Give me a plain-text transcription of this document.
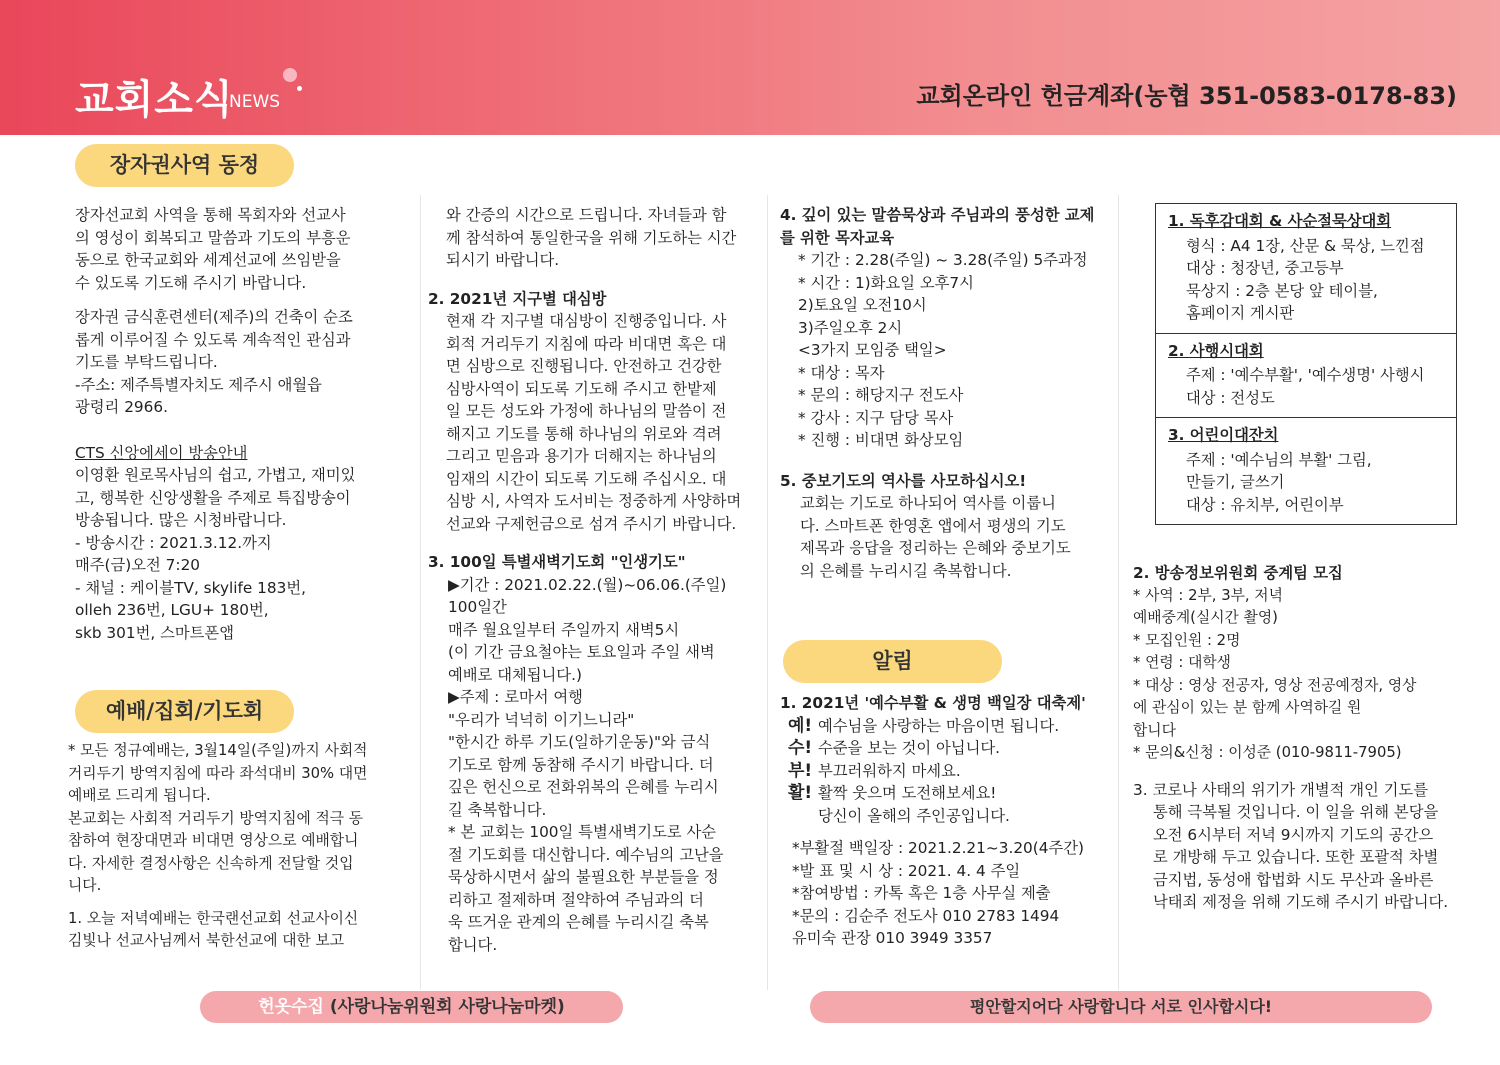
교회소식
NEWS	교회온라인 헌금계좌(농협 351-0583-0178-83)
장자권사역 동정

장자선교회 사역을 통해 목회자와 선교사
의 영성이 회복되고 말씀과 기도의 부흥운
동으로 한국교회와 세계선교에 쓰임받을
수 있도록 기도해 주시기 바랍니다.

장자권 금식훈련센터(제주)의 건축이 순조
롭게 이루어질 수 있도록 계속적인 관심과
기도를 부탁드립니다.
-주소: 제주특별자치도 제주시 애월읍
광령리 2966.

CTS 신앙에세이 방송안내

이영환 원로목사님의 쉽고, 가볍고, 재미있
고, 행복한 신앙생활을 주제로 특집방송이
방송됩니다. 많은 시청바랍니다.
- 방송시간 : 2021.3.12.까지
매주(금)오전 7:20
- 채널 : 케이블TV, skylife 183번,
olleh 236번, LGU+ 180번,
skb 301번, 스마트폰앱

예배/집회/기도회

* 모든 정규예배는, 3월14일(주일)까지 사회적
거리두기 방역지침에 따라 좌석대비 30% 대면
예배로 드리게 됩니다.
본교회는 사회적 거리두기 방역지침에 적극 동
참하여 현장대면과 비대면 영상으로 예배합니
다. 자세한 결정사항은 신속하게 전달할 것입
니다.

1. 오늘 저녁예배는 한국랜선교회 선교사이신
김빛나 선교사님께서 북한선교에 대한 보고

와 간증의 시간으로 드립니다. 자녀들과 함
께 참석하여 통일한국을 위해 기도하는 시간
되시기 바랍니다.

2. 2021년 지구별 대심방

현재 각 지구별 대심방이 진행중입니다. 사
회적 거리두기 지침에 따라 비대면 혹은 대
면 심방으로 진행됩니다. 안전하고 건강한
심방사역이 되도록 기도해 주시고 한밭제
일 모든 성도와 가정에 하나님의 말씀이 전
해지고 기도를 통해 하나님의 위로와 격려
그리고 믿음과 용기가 더해지는 하나님의
임재의 시간이 되도록 기도해 주십시오. 대
심방 시, 사역자 도서비는 정중하게 사양하며
선교와 구제헌금으로 섬겨 주시기 바랍니다.

3. 100일 특별새벽기도회 "인생기도"

▶기간 : 2021.02.22.(월)~06.06.(주일)
100일간
매주 월요일부터 주일까지 새벽5시
(이 기간 금요철야는 토요일과 주일 새벽
예배로 대체됩니다.)
▶주제 : 로마서 여행
"우리가 넉넉히 이기느니라"
"한시간 하루 기도(일하기운동)"와 금식
기도로 함께 동참해 주시기 바랍니다. 더
깊은 헌신으로 전화위복의 은혜를 누리시
길 축복합니다.
* 본 교회는 100일 특별새벽기도로 사순
절 기도회를 대신합니다. 예수님의 고난을
묵상하시면서 삶의 불필요한 부분들을 정
리하고 절제하며 절약하여 주님과의 더
욱 뜨거운 관계의 은혜를 누리시길 축복
합니다.

4. 깊이 있는 말씀묵상과 주님과의 풍성한 교제
를 위한 목자교육

* 기간 : 2.28(주일) ~ 3.28(주일) 5주과정
* 시간 : 1)화요일 오후7시
2)토요일 오전10시
3)주일오후 2시
<3가지 모임중 택일>
* 대상 : 목자
* 문의 : 해당지구 전도사
* 강사 : 지구 담당 목사
* 진행 : 비대면 화상모임

5. 중보기도의 역사를 사모하십시오!

교회는 기도로 하나되어 역사를 이룹니
다. 스마트폰 한영혼 앱에서 평생의 기도
제목과 응답을 정리하는 은혜와 중보기도
의 은혜를 누리시길 축복합니다.

알림

1. 2021년 '예수부활 & 생명 백일장 대축제'

예! 예수님을 사랑하는 마음이면 됩니다.
수! 수준을 보는 것이 아닙니다.
부! 부끄러워하지 마세요.
활! 활짝 웃으며 도전해보세요!
당신이 올해의 주인공입니다.

*부활절 백일장 : 2021.2.21~3.20(4주간)
*발 표 및 시 상 : 2021. 4. 4 주일
*참여방법 : 카톡 혹은 1층 사무실 제출
*문의 : 김순주 전도사 010 2783 1494
유미숙 관장 010 3949 3357

1. 독후감대회 & 사순절묵상대회
형식 : A4 1장, 산문 & 묵상, 느낀점
대상 : 청장년, 중고등부
묵상지 : 2층 본당 앞 테이블,
홈페이지 게시판
2. 사행시대회
주제 : '예수부활', '예수생명' 사행시
대상 : 전성도
3. 어린이대잔치
주제 : '예수님의 부활' 그림,
만들기, 글쓰기
대상 : 유치부, 어린이부

2. 방송정보위원회 중계팀 모집

* 사역 : 2부, 3부, 저녁
예배중계(실시간 촬영)
* 모집인원 : 2명
* 연령 : 대학생
* 대상 : 영상 전공자, 영상 전공예정자, 영상
에 관심이 있는 분 함께 사역하길 원
합니다
* 문의&신청 : 이성준 (010-9811-7905)

3. 코로나 사태의 위기가 개별적 개인 기도를

통해 극복될 것입니다. 이 일을 위해 본당을
오전 6시부터 저녁 9시까지 기도의 공간으
로 개방해 두고 있습니다. 또한 포괄적 차별
금지법, 동성애 합법화 시도 무산과 올바른
낙태죄 제정을 위해 기도해 주시기 바랍니다.

헌옷수집 (사랑나눔위원회 사랑나눔마켓)	평안할지어다 사랑합니다 서로 인사합시다!
